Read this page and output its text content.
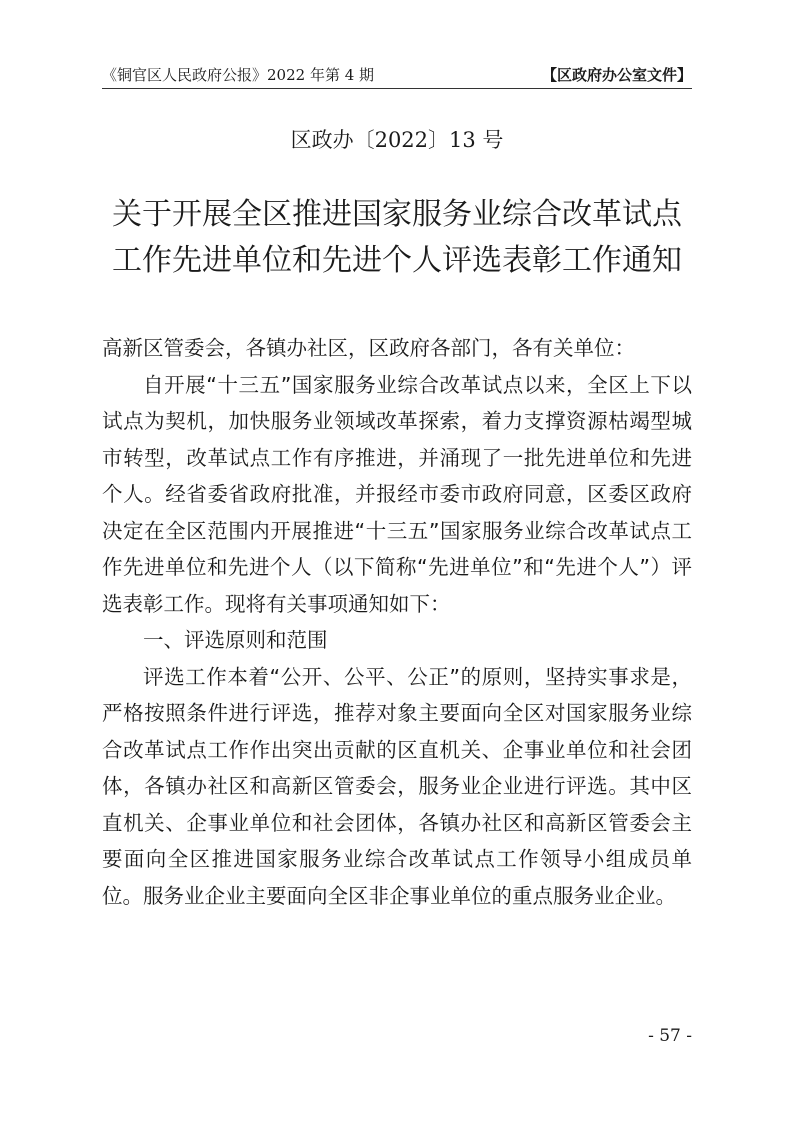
《铜官区人民政府公报》2022 年第 4 期	【区政府办公室文件】
区政办〔2022〕13 号
关于开展全区推进国家服务业综合改革试点
工作先进单位和先进个人评选表彰工作通知

高新区管委会，各镇办社区，区政府各部门，各有关单位：

自开展“十三五”国家服务业综合改革试点以来，全区上下以试点为契机，加快服务业领域改革探索，着力支撑资源枯竭型城市转型，改革试点工作有序推进，并涌现了一批先进单位和先进个人。经省委省政府批准，并报经市委市政府同意，区委区政府决定在全区范围内开展推进“十三五”国家服务业综合改革试点工作先进单位和先进个人（以下简称“先进单位”和“先进个人”）评选表彰工作。现将有关事项通知如下：

一、评选原则和范围

评选工作本着“公开、公平、公正”的原则，坚持实事求是，严格按照条件进行评选，推荐对象主要面向全区对国家服务业综合改革试点工作作出突出贡献的区直机关、企事业单位和社会团体，各镇办社区和高新区管委会，服务业企业进行评选。其中区直机关、企事业单位和社会团体，各镇办社区和高新区管委会主要面向全区推进国家服务业综合改革试点工作领导小组成员单位。服务业企业主要面向全区非企事业单位的重点服务业企业。

- 57 -
